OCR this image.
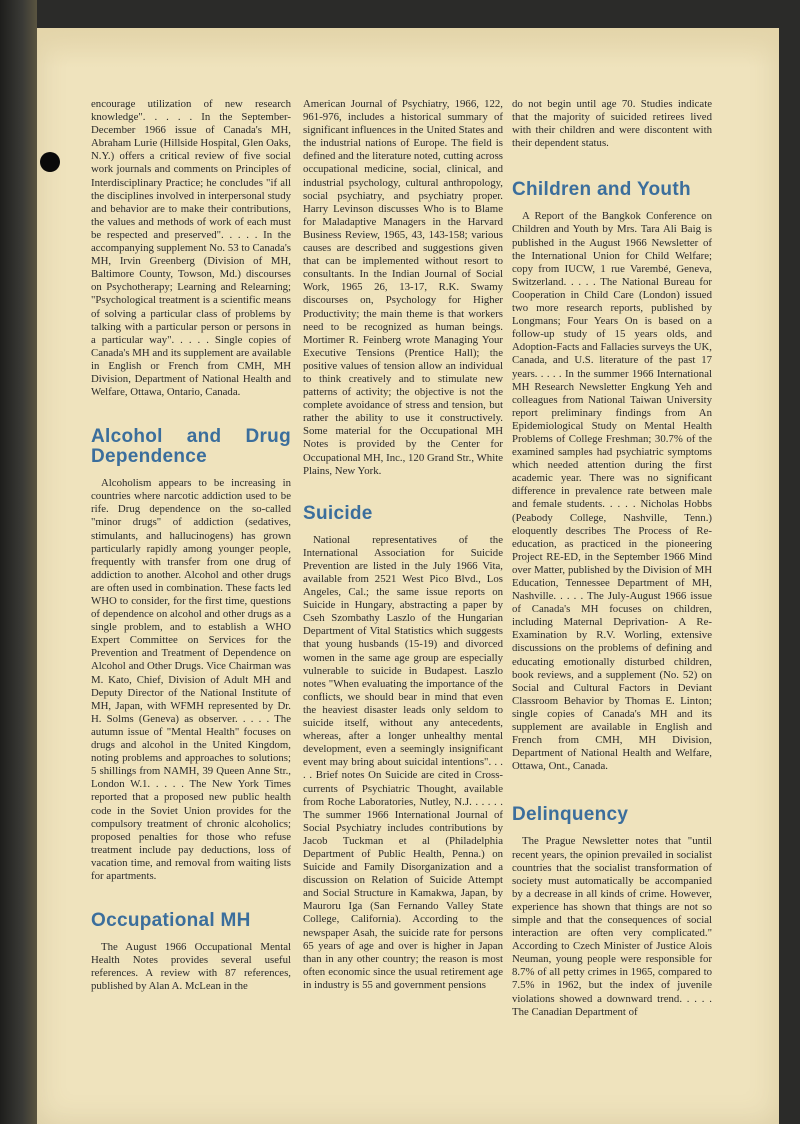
encourage utilization of new research knowledge". . . . . In the September-December 1966 issue of Canada's MH, Abraham Lurie (Hillside Hospital, Glen Oaks, N.Y.) offers a critical review of five social work journals and comments on Principles of Interdisciplinary Practice; he concludes "if all the disciplines involved in interpersonal study and behavior are to make their contributions, the values and methods of work of each must be respected and preserved". . . . . In the accompanying supplement No. 53 to Canada's MH, Irvin Greenberg (Division of MH, Baltimore County, Towson, Md.) discourses on Psychotherapy; Learning and Relearning; "Psychological treatment is a scientific means of solving a particular class of problems by talking with a particular person or persons in a particular way". . . . . Single copies of Canada's MH and its supplement are available in English or French from CMH, MH Division, Department of National Health and Welfare, Ottawa, Ontario, Canada.

Alcohol and Drug Dependence

Alcoholism appears to be increasing in countries where narcotic addiction used to be rife. Drug dependence on the so-called "minor drugs" of addiction (sedatives, stimulants, and hallucinogens) has grown particularly rapidly among younger people, frequently with transfer from one drug of addiction to another. Alcohol and other drugs are often used in combination. These facts led WHO to consider, for the first time, questions of dependence on alcohol and other drugs as a single problem, and to establish a WHO Expert Committee on Services for the Prevention and Treatment of Dependence on Alcohol and Other Drugs. Vice Chairman was M. Kato, Chief, Division of Adult MH and Deputy Director of the National Institute of MH, Japan, with WFMH represented by Dr. H. Solms (Geneva) as observer. . . . . The autumn issue of "Mental Health" focuses on drugs and alcohol in the United Kingdom, noting problems and approaches to solutions; 5 shillings from NAMH, 39 Queen Anne Str., London W.1. . . . . The New York Times reported that a proposed new public health code in the Soviet Union provides for the compulsory treatment of chronic alcoholics; proposed penalties for those who refuse treatment include pay deductions, loss of vacation time, and removal from waiting lists for apartments.

Occupational MH

The August 1966 Occupational Mental Health Notes provides several useful references. A review with 87 references, published by Alan A. McLean in the

American Journal of Psychiatry, 1966, 122, 961-976, includes a historical summary of significant influences in the United States and the industrial nations of Europe. The field is defined and the literature noted, cutting across occupational medicine, social, clinical, and industrial psychology, cultural anthropology, social psychiatry, and psychiatry proper. Harry Levinson discusses Who is to Blame for Maladaptive Managers in the Harvard Business Review, 1965, 43, 143-158; various causes are described and suggestions given that can be implemented without resort to consultants. In the Indian Journal of Social Work, 1965 26, 13-17, R.K. Swamy discourses on, Psychology for Higher Productivity; the main theme is that workers need to be recognized as human beings. Mortimer R. Feinberg wrote Managing Your Executive Tensions (Prentice Hall); the positive values of tension allow an individual to think creatively and to stimulate new patterns of activity; the objective is not the complete avoidance of stress and tension, but rather the ability to use it constructively. Some material for the Occupational MH Notes is provided by the Center for Occupational MH, Inc., 120 Grand Str., White Plains, New York.

Suicide

National representatives of the International Association for Suicide Prevention are listed in the July 1966 Vita, available from 2521 West Pico Blvd., Los Angeles, Cal.; the same issue reports on Suicide in Hungary, abstracting a paper by Cseh Szombathy Laszlo of the Hungarian Department of Vital Statistics which suggests that young husbands (15-19) and divorced women in the same age group are especially vulnerable to suicide in Budapest. Laszlo notes "When evaluating the importance of the conflicts, we should bear in mind that even the heaviest disaster leads only seldom to suicide itself, without any antecedents, whereas, after a longer unhealthy mental development, even a seemingly insignificant event may bring about suicidal intentions". . . . . Brief notes On Suicide are cited in Cross-currents of Psychiatric Thought, available from Roche Laboratories, Nutley, N.J. . . . . . The summer 1966 International Journal of Social Psychiatry includes contributions by Jacob Tuckman et al (Philadelphia Department of Public Health, Penna.) on Suicide and Family Disorganization and a discussion on Relation of Suicide Attempt and Social Structure in Kamakwa, Japan, by Mauroru Iga (San Fernando Valley State College, California). According to the newspaper Asah, the suicide rate for persons 65 years of age and over is higher in Japan than in any other country; the reason is most often economic since the usual retirement age in industry is 55 and government pensions

do not begin until age 70. Studies indicate that the majority of suicided retirees lived with their children and were discontent with their dependent status.

Children and Youth

A Report of the Bangkok Conference on Children and Youth by Mrs. Tara Ali Baig is published in the August 1966 Newsletter of the International Union for Child Welfare; copy from IUCW, 1 rue Varembé, Geneva, Switzerland. . . . . The National Bureau for Cooperation in Child Care (London) issued two more research reports, published by Longmans; Four Years On is based on a follow-up study of 15 years olds, and Adoption-Facts and Fallacies surveys the UK, Canada, and U.S. literature of the past 17 years. . . . . In the summer 1966 International MH Research Newsletter Engkung Yeh and colleagues from National Taiwan University report preliminary findings from An Epidemiological Study on Mental Health Problems of College Freshman; 30.7% of the examined samples had psychiatric symptoms which needed attention during the first academic year. There was no significant difference in prevalence rate between male and female students. . . . . Nicholas Hobbs (Peabody College, Nashville, Tenn.) eloquently describes The Process of Re-education, as practiced in the pioneering Project RE-ED, in the September 1966 Mind over Matter, published by the Division of MH Education, Tennessee Department of MH, Nashville. . . . . The July-August 1966 issue of Canada's MH focuses on children, including Maternal Deprivation- A Re-Examination by R.V. Worling, extensive discussions on the problems of defining and educating emotionally disturbed children, book reviews, and a supplement (No. 52) on Social and Cultural Factors in Deviant Classroom Behavior by Thomas E. Linton; single copies of Canada's MH and its supplement are available in English and French from CMH, MH Division, Department of National Health and Welfare, Ottawa, Ont., Canada.

Delinquency

The Prague Newsletter notes that "until recent years, the opinion prevailed in socialist countries that the socialist transformation of society must automatically be accompanied by a decrease in all kinds of crime. However, experience has shown that things are not so simple and that the consequences of social interaction are often very complicated." According to Czech Minister of Justice Alois Neuman, young people were responsible for 8.7% of all petty crimes in 1965, compared to 7.5% in 1962, but the index of juvenile violations showed a downward trend. . . . . The Canadian Department of
